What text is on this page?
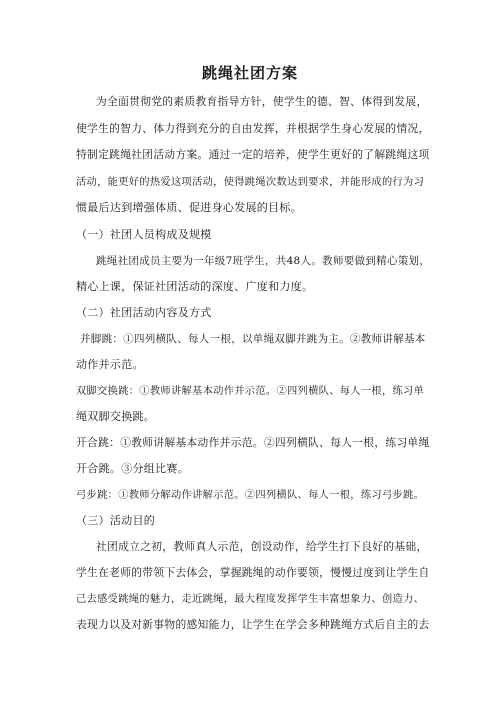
跳绳社团方案
为全面贯彻党的素质教育指导方针，使学生的德、智、体得到发展，
使学生的智力、体力得到充分的自由发挥，并根据学生身心发展的情况，
特制定跳绳社团活动方案。通过一定的培养，使学生更好的了解跳绳这项
活动，能更好的热爱这项活动，使得跳绳次数达到要求，并能形成的行为习
惯最后达到增强体质、促进身心发展的目标。
（一）社团人员构成及规模
跳绳社团成员主要为一年级7班学生，共48人。教师要做到精心策划，
精心上课，保证社团活动的深度、广度和力度。
（二）社团活动内容及方式
并脚跳：①四列横队、每人一根，以单绳双脚并跳为主。②教师讲解基本
动作并示范。
双脚交换跳：①教师讲解基本动作并示范。②四列横队、每人一根，练习单
绳双脚交换跳。
开合跳：①教师讲解基本动作并示范。②四列横队、每人一根，练习单绳
开合跳。③分组比赛。
弓步跳：①教师分解动作讲解示范。②四列横队、每人一根，练习弓步跳。
（三）活动目的
社团成立之初，教师真人示范，创设动作，给学生打下良好的基础，
学生在老师的带领下去体会，掌握跳绳的动作要领，慢慢过度到让学生自
己去感受跳绳的魅力，走近跳绳，最大程度发挥学生丰富想象力、创造力、
表现力以及对新事物的感知能力，让学生在学会多种跳绳方式后自主的去
